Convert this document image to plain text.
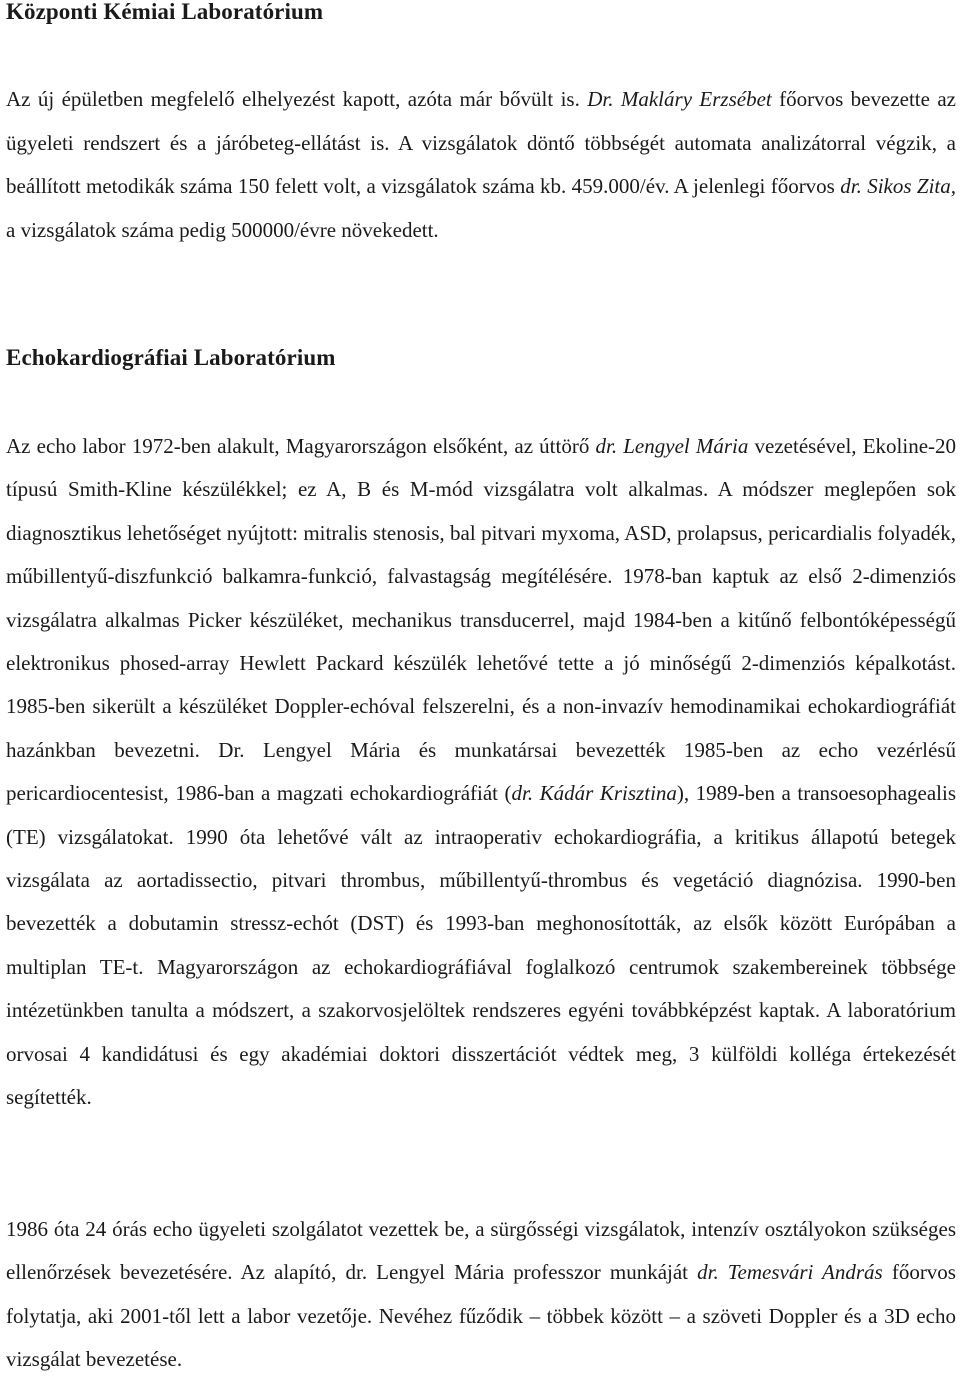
Központi Kémiai Laboratórium

Az új épületben megfelelő elhelyezést kapott, azóta már bővült is. Dr. Makláry Erzsébet főorvos bevezette az ügyeleti rendszert és a járóbeteg-ellátást is. A vizsgálatok döntő többségét automata analizátorral végzik, a beállított metodikák száma 150 felett volt, a vizsgálatok száma kb. 459.000/év. A jelenlegi főorvos dr. Sikos Zita, a vizsgálatok száma pedig 500000/évre növekedett.

Echokardiográfiai Laboratórium

Az echo labor 1972-ben alakult, Magyarországon elsőként, az úttörő dr. Lengyel Mária vezetésével, Ekoline-20 típusú Smith-Kline készülékkel; ez A, B és M-mód vizsgálatra volt alkalmas. A módszer meglepően sok diagnosztikus lehetőséget nyújtott: mitralis stenosis, bal pitvari myxoma, ASD, prolapsus, pericardialis folyadék, műbillentyű-diszfunkció balkamra-funkció, falvastagság megítélésére. 1978-ban kaptuk az első 2-dimenziós vizsgálatra alkalmas Picker készüléket, mechanikus transducerrel, majd 1984-ben a kitűnő felbontóképességű elektronikus phosed-array Hewlett Packard készülék lehetővé tette a jó minőségű 2-dimenziós képalkotást. 1985-ben sikerült a készüléket Doppler-echóval felszerelni, és a non-invazív hemodinamikai echokardiográfiát hazánkban bevezetni. Dr. Lengyel Mária és munkatársai bevezették 1985-ben az echo vezérlésű pericardiocentesist, 1986-ban a magzati echokardiográfiát (dr. Kádár Krisztina), 1989-ben a transoesophagealis (TE) vizsgálatokat. 1990 óta lehetővé vált az intraoperativ echokardiográfia, a kritikus állapotú betegek vizsgálata az aortadissectio, pitvari thrombus, műbillentyű-thrombus és vegetáció diagnózisa. 1990-ben bevezették a dobutamin stressz-echót (DST) és 1993-ban meghonosították, az elsők között Európában a multiplan TE-t. Magyarországon az echokardiográfiával foglalkozó centrumok szakembereinek többsége intézetünkben tanulta a módszert, a szakorvosjelöltek rendszeres egyéni továbbképzést kaptak. A laboratórium orvosai 4 kandidátusi és egy akadémiai doktori disszertációt védtek meg, 3 külföldi kolléga értekezését segítették.

1986 óta 24 órás echo ügyeleti szolgálatot vezettek be, a sürgősségi vizsgálatok, intenzív osztályokon szükséges ellenőrzések bevezetésére. Az alapító, dr. Lengyel Mária professzor munkáját dr. Temesvári András főorvos folytatja, aki 2001-től lett a labor vezetője. Nevéhez fűződik – többek között – a szöveti Doppler és a 3D echo vizsgálat bevezetése.
